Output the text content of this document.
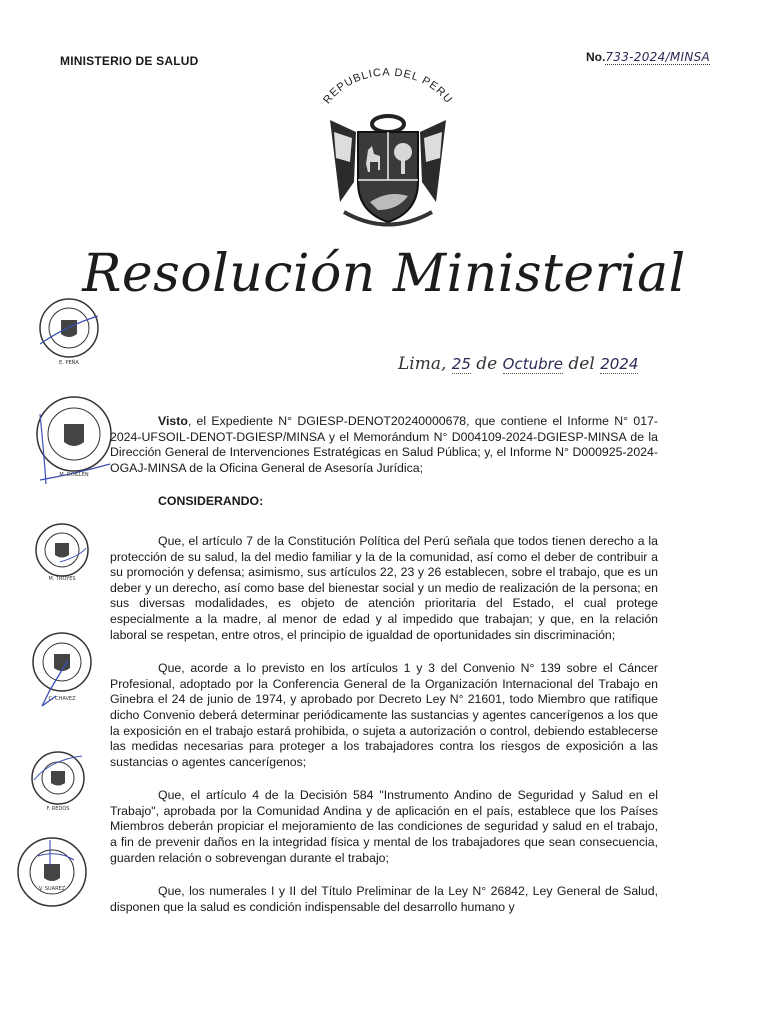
MINISTERIO DE SALUD	No.733-2024/MINSA
REPUBLICA DEL PERU
Resolución Ministerial
Lima, 25 de Octubre del 2024

Visto, el Expediente N° DGIESP-DENOT20240000678, que contiene el Informe N° 017-2024-UFSOIL-DENOT-DGIESP/MINSA y el Memorándum N° D004109-2024-DGIESP-MINSA de la Dirección General de Intervenciones Estratégicas en Salud Pública; y, el Informe N° D000925-2024-OGAJ-MINSA de la Oficina General de Asesoría Jurídica;

CONSIDERANDO:

Que, el artículo 7 de la Constitución Política del Perú señala que todos tienen derecho a la protección de su salud, la del medio familiar y la de la comunidad, así como el deber de contribuir a su promoción y defensa; asimismo, sus artículos 22, 23 y 26 establecen, sobre el trabajo, que es un deber y un derecho, así como base del bienestar social y un medio de realización de la persona; en sus diversas modalidades, es objeto de atención prioritaria del Estado, el cual protege especialmente a la madre, al menor de edad y al impedido que trabajan; y que, en la relación laboral se respetan, entre otros, el principio de igualdad de oportunidades sin discriminación;

Que, acorde a lo previsto en los artículos 1 y 3 del Convenio N° 139 sobre el Cáncer Profesional, adoptado por la Conferencia General de la Organización Internacional del Trabajo en Ginebra el 24 de junio de 1974, y aprobado por Decreto Ley N° 21601, todo Miembro que ratifique dicho Convenio deberá determinar periódicamente las sustancias y agentes cancerígenos a los que la exposición en el trabajo estará prohibida, o sujeta a autorización o control, debiendo establecerse las medidas necesarias para proteger a los trabajadores contra los riesgos de exposición a las sustancias o agentes cancerígenos;

Que, el artículo 4 de la Decisión 584 "Instrumento Andino de Seguridad y Salud en el Trabajo", aprobada por la Comunidad Andina y de aplicación en el país, establece que los Países Miembros deberán propiciar el mejoramiento de las condiciones de seguridad y salud en el trabajo, a fin de prevenir daños en la integridad física y mental de los trabajadores que sean consecuencia, guarden relación o sobrevengan durante el trabajo;

Que, los numerales I y II del Título Preliminar de la Ley N° 26842, Ley General de Salud, disponen que la salud es condición indispensable del desarrollo humano y

E. PEÑA
M. DOILLEN
M. TROYES
C. CHAVEZ
F. REDOS
V. SUAREZ
